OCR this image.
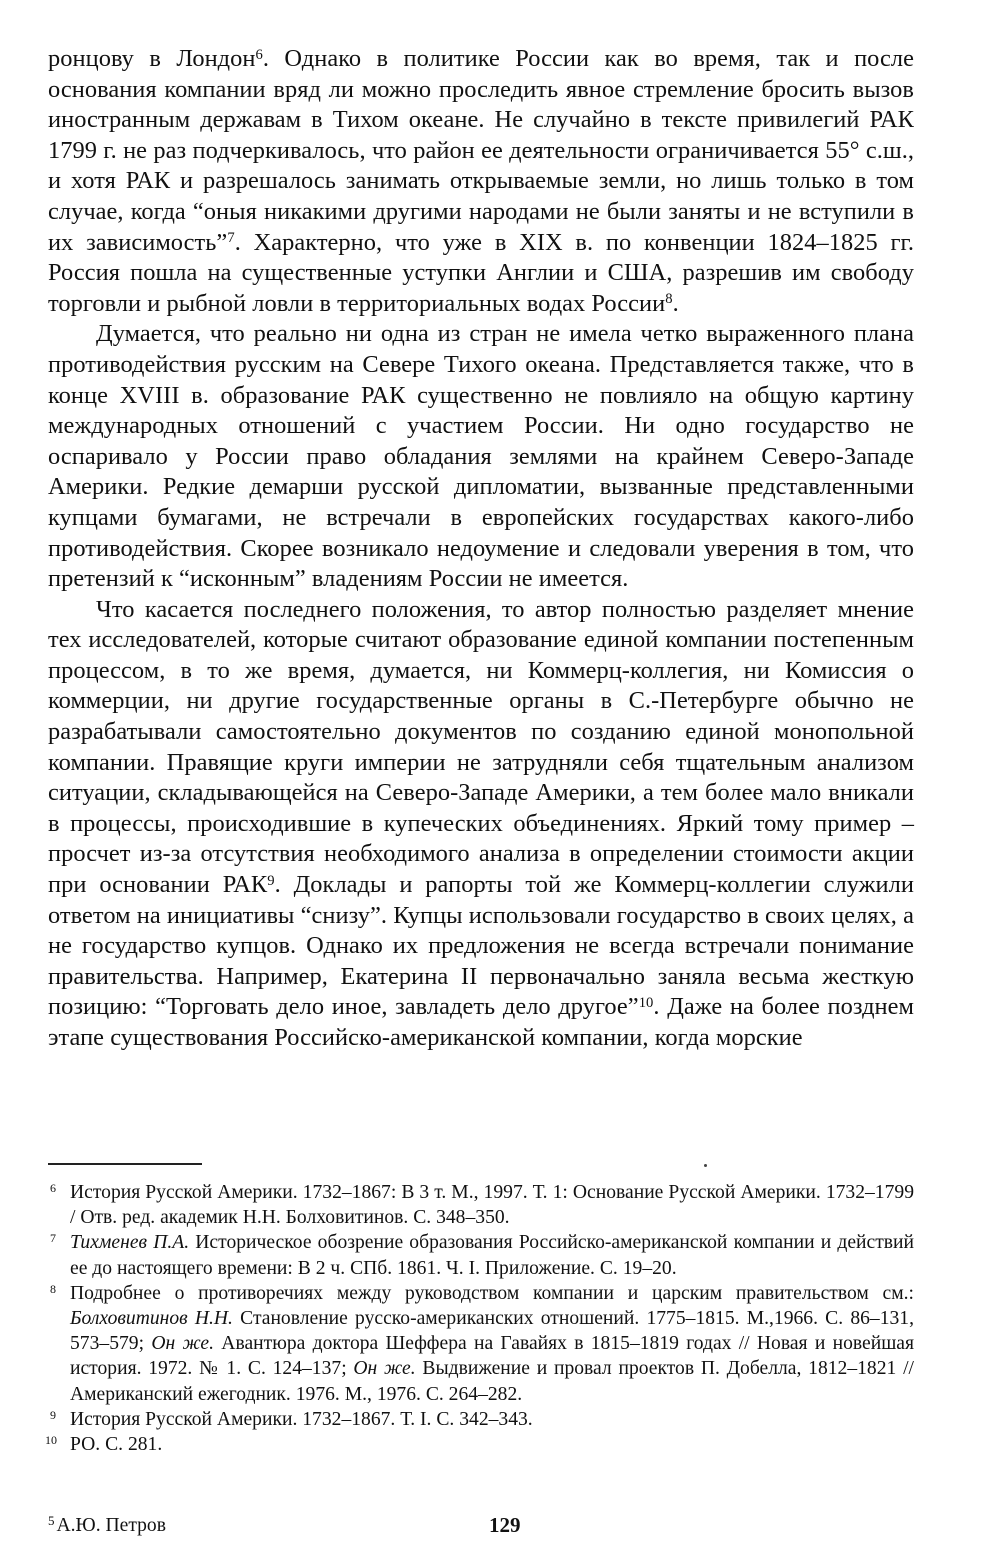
ронцову в Лондон$^6$. Однако в политике России как во время, так и после основания компании вряд ли можно проследить явное стремление бросить вызов иностранным державам в Тихом океане. Не случайно в тексте привилегий РАК 1799 г. не раз подчеркивалось, что район ее деятельности ограничивается 55° с.ш., и хотя РАК и разрешалось занимать открываемые земли, но лишь только в том случае, когда “оныя никакими другими народами не были заняты и не вступили в их зависимость”$^7$. Характерно, что уже в XIX в. по конвенции 1824–1825 гг. Россия пошла на существенные уступки Англии и США, разрешив им свободу торговли и рыбной ловли в территориальных водах России$^8$.

Думается, что реально ни одна из стран не имела четко выраженного плана противодействия русским на Севере Тихого океана. Представляется также, что в конце XVIII в. образование РАК существенно не повлияло на общую картину международных отношений с участием России. Ни одно государство не оспаривало у России право обладания землями на крайнем Северо-Западе Америки. Редкие демарши русской дипломатии, вызванные представленными купцами бумагами, не встречали в европейских государствах какого-либо противодействия. Скорее возникало недоумение и следовали уверения в том, что претензий к “исконным” владениям России не имеется.

Что касается последнего положения, то автор полностью разделяет мнение тех исследователей, которые считают образование единой компании постепенным процессом, в то же время, думается, ни Коммерц-коллегия, ни Комиссия о коммерции, ни другие государственные органы в С.-Петербурге обычно не разрабатывали самостоятельно документов по созданию единой монопольной компании. Правящие круги империи не затрудняли себя тщательным анализом ситуации, складывающейся на Северо-Западе Америки, а тем более мало вникали в процессы, происходившие в купеческих объединениях. Яркий тому пример – просчет из-за отсутствия необходимого анализа в определении стоимости акции при основании РАК$^9$. Доклады и рапорты той же Коммерц-коллегии служили ответом на инициативы “снизу”. Купцы использовали государство в своих целях, а не государство купцов. Однако их предложения не всегда встречали понимание правительства. Например, Екатерина II первоначально заняла весьма жесткую позицию: “Торговать дело иное, завладеть дело другое”$^{10}$. Даже на более позднем этапе существования Российско-американской компании, когда морские

6 История Русской Америки. 1732–1867: В 3 т. М., 1997. Т. 1: Основание Русской Америки. 1732–1799 / Отв. ред. академик Н.Н. Болховитинов. С. 348–350.
7 Тихменев П.А. Историческое обозрение образования Российско-американской компании и действий ее до настоящего времени: В 2 ч. СПб. 1861. Ч. I. Приложение. С. 19–20.
8 Подробнее о противоречиях между руководством компании и царским правительством см.: Болховитинов Н.Н. Становление русско-американских отношений. 1775–1815. М.,1966. С. 86–131, 573–579; Он же. Авантюра доктора Шеффера на Гавайях в 1815–1819 годах // Новая и новейшая история. 1972. № 1. С. 124–137; Он же. Выдвижение и провал проектов П. Добелла, 1812–1821 // Американский ежегодник. 1976. М., 1976. С. 264–282.
9 История Русской Америки. 1732–1867. Т. I. С. 342–343.
10 РО. С. 281.
$^5$ А.Ю. Петров	129
